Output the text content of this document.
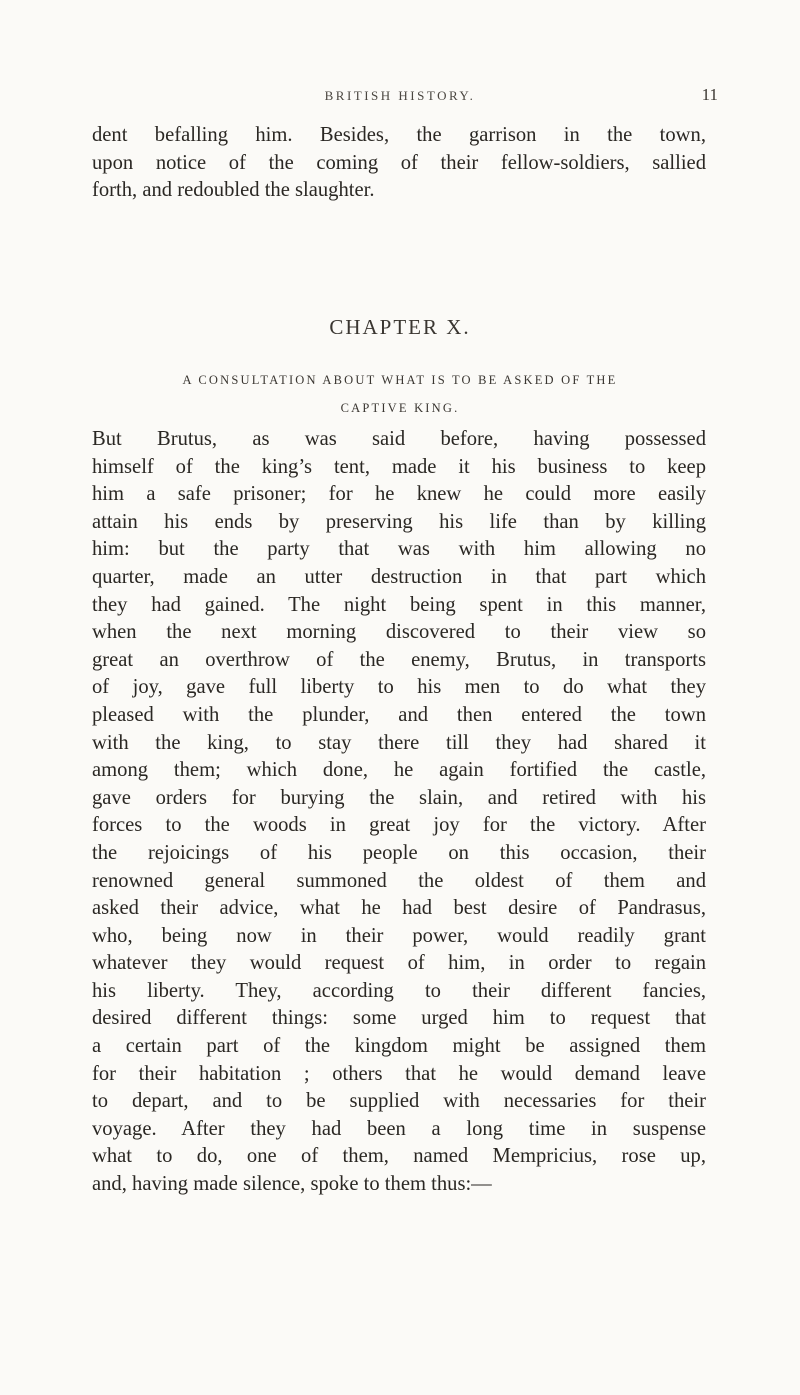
BRITISH HISTORY.	11

dent befalling him. Besides, the garrison in the town,
upon notice of the coming of their fellow-soldiers, sallied
forth, and redoubled the slaughter.

CHAPTER X.
A CONSULTATION ABOUT WHAT IS TO BE ASKED OF THE
CAPTIVE KING.

But Brutus, as was said before, having possessed
himself of the king’s tent, made it his business to keep
him a safe prisoner; for he knew he could more easily
attain his ends by preserving his life than by killing
him: but the party that was with him allowing no
quarter, made an utter destruction in that part which
they had gained. The night being spent in this manner,
when the next morning discovered to their view so
great an overthrow of the enemy, Brutus, in transports
of joy, gave full liberty to his men to do what they
pleased with the plunder, and then entered the town
with the king, to stay there till they had shared it
among them; which done, he again fortified the castle,
gave orders for burying the slain, and retired with his
forces to the woods in great joy for the victory. After
the rejoicings of his people on this occasion, their
renowned general summoned the oldest of them and
asked their advice, what he had best desire of Pandrasus,
who, being now in their power, would readily grant
whatever they would request of him, in order to regain
his liberty. They, according to their different fancies,
desired different things: some urged him to request that
a certain part of the kingdom might be assigned them
for their habitation ; others that he would demand leave
to depart, and to be supplied with necessaries for their
voyage. After they had been a long time in suspense
what to do, one of them, named Mempricius, rose up,
and, having made silence, spoke to them thus:—
